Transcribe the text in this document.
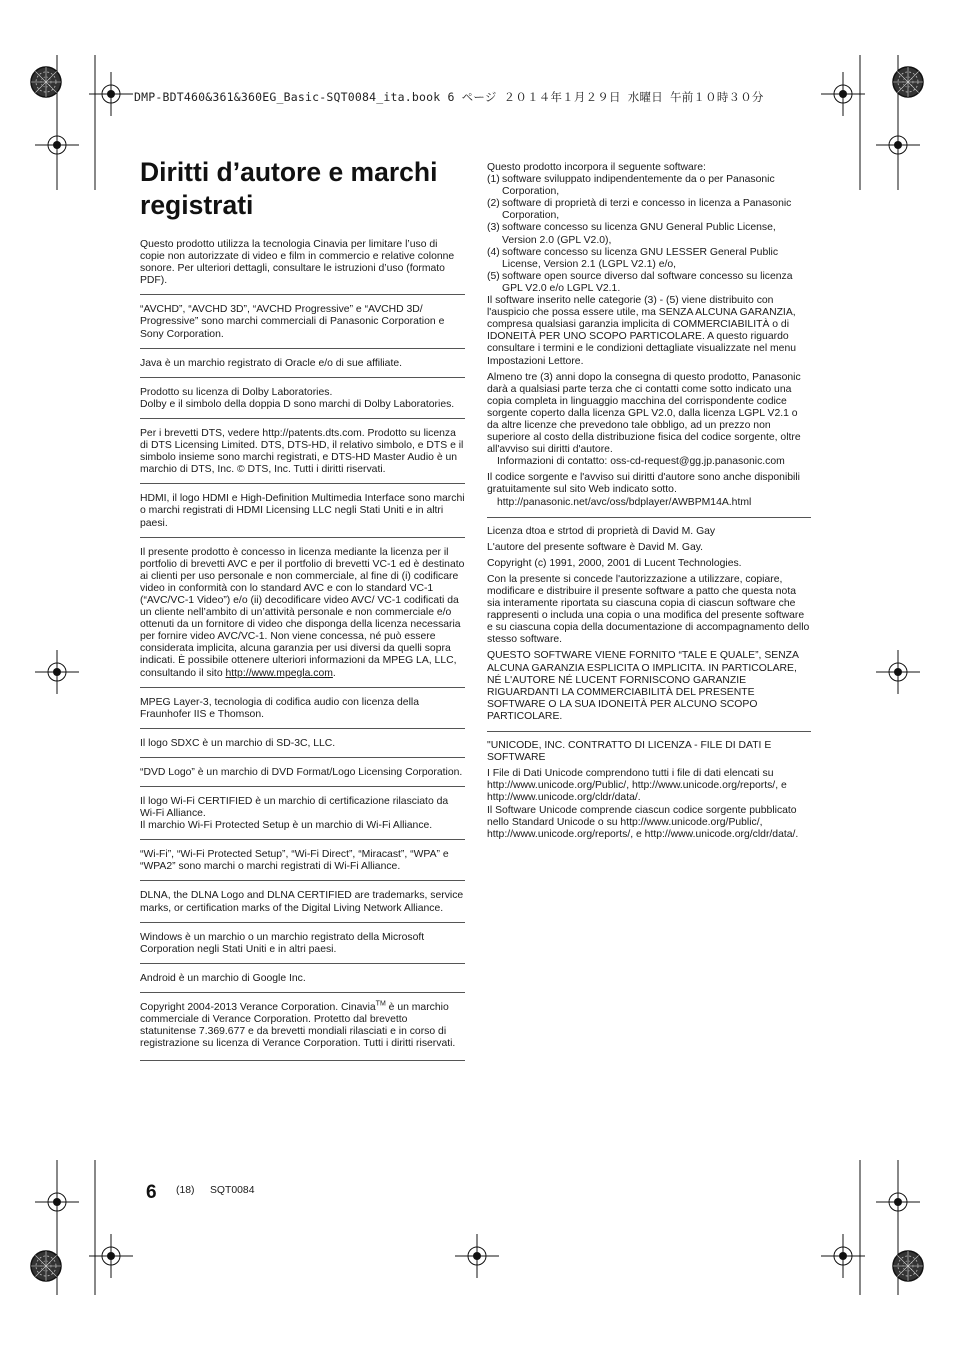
DMP-BDT460&361&360EG_Basic-SQT0084_ita.book 6 ページ ２０１４年１月２９日 水曜日 午前１０時３０分
Diritti d’autore e marchi registrati

Questo prodotto utilizza la tecnologia Cinavia per limitare l’uso di copie non autorizzate di video e film in commercio e relative colonne sonore. Per ulteriori dettagli, consultare le istruzioni d’uso (formato PDF).

“AVCHD”, “AVCHD 3D”, “AVCHD Progressive” e “AVCHD 3D/ Progressive” sono marchi commerciali di Panasonic Corporation e Sony Corporation.

Java è un marchio registrato di Oracle e/o di sue affiliate.

Prodotto su licenza di Dolby Laboratories.

Dolby e il simbolo della doppia D sono marchi di Dolby Laboratories.

Per i brevetti DTS, vedere http://patents.dts.com. Prodotto su licenza di DTS Licensing Limited. DTS, DTS-HD, il relativo simbolo, e DTS e il simbolo insieme sono marchi registrati, e DTS-HD Master Audio è un marchio di DTS, Inc. © DTS, Inc. Tutti i diritti riservati.

HDMI, il logo HDMI e High-Definition Multimedia Interface sono marchi o marchi registrati di HDMI Licensing LLC negli Stati Uniti e in altri paesi.

Il presente prodotto è concesso in licenza mediante la licenza per il portfolio di brevetti AVC e per il portfolio di brevetti VC-1 ed è destinato ai clienti per uso personale e non commerciale, al fine di (i) codificare video in conformità con lo standard AVC e con lo standard VC-1 (“AVC/VC-1 Video”) e/o (ii) decodificare video AVC/ VC-1 codificati da un cliente nell’ambito di un’attività personale e non commerciale e/o ottenuti da un fornitore di video che disponga della licenza necessaria per fornire video AVC/VC-1. Non viene concessa, né può essere considerata implicita, alcuna garanzia per usi diversi da quelli sopra indicati. È possibile ottenere ulteriori informazioni da MPEG LA, LLC, consultando il sito http://www.mpegla.com.

MPEG Layer-3, tecnologia di codifica audio con licenza della Fraunhofer IIS e Thomson.

Il logo SDXC è un marchio di SD-3C, LLC.

“DVD Logo” è un marchio di DVD Format/Logo Licensing Corporation.

Il logo Wi-Fi CERTIFIED è un marchio di certificazione rilasciato da Wi-Fi Alliance.

Il marchio Wi-Fi Protected Setup è un marchio di Wi-Fi Alliance.

“Wi-Fi”, “Wi-Fi Protected Setup”, “Wi-Fi Direct”, “Miracast”, “WPA” e “WPA2” sono marchi o marchi registrati di Wi-Fi Alliance.

DLNA, the DLNA Logo and DLNA CERTIFIED are trademarks, service marks, or certification marks of the Digital Living Network Alliance.

Windows è un marchio o un marchio registrato della Microsoft Corporation negli Stati Uniti e in altri paesi.

Android è un marchio di Google Inc.

Copyright 2004-2013 Verance Corporation. Cinavia™ è un marchio commerciale di Verance Corporation. Protetto dal brevetto statunitense 7.369.677 e da brevetti mondiali rilasciati e in corso di registrazione su licenza di Verance Corporation. Tutti i diritti riservati.

Questo prodotto incorpora il seguente software:

(1) software sviluppato indipendentemente da o per Panasonic Corporation,
(2) software di proprietà di terzi e concesso in licenza a Panasonic Corporation,
(3) software concesso su licenza GNU General Public License, Version 2.0 (GPL V2.0),
(4) software concesso su licenza GNU LESSER General Public License, Version 2.1 (LGPL V2.1) e/o,
(5) software open source diverso dal software concesso su licenza GPL V2.0 e/o LGPL V2.1.

Il software inserito nelle categorie (3) - (5) viene distribuito con l'auspicio che possa essere utile, ma SENZA ALCUNA GARANZIA, compresa qualsiasi garanzia implicita di COMMERCIABILITÀ o di IDONEITÀ PER UNO SCOPO PARTICOLARE. A questo riguardo consultare i termini e le condizioni dettagliate visualizzate nel menu Impostazioni Lettore.

Almeno tre (3) anni dopo la consegna di questo prodotto, Panasonic darà a qualsiasi parte terza che ci contatti come sotto indicato una copia completa in linguaggio macchina del corrispondente codice sorgente coperto dalla licenza GPL V2.0, dalla licenza LGPL V2.1 o da altre licenze che prevedono tale obbligo, ad un prezzo non superiore al costo della distribuzione fisica del codice sorgente, oltre all'avviso sui diritti d'autore.

Informazioni di contatto: oss-cd-request@gg.jp.panasonic.com

Il codice sorgente e l'avviso sui diritti d'autore sono anche disponibili gratuitamente sul sito Web indicato sotto.

http://panasonic.net/avc/oss/bdplayer/AWBPM14A.html

Licenza dtoa e strtod di proprietà di David M. Gay

L'autore del presente software è David M. Gay.

Copyright (c) 1991, 2000, 2001 di Lucent Technologies.

Con la presente si concede l'autorizzazione a utilizzare, copiare, modificare e distribuire il presente software a patto che questa nota sia interamente riportata su ciascuna copia di ciascun software che rappresenti o includa una copia o una modifica del presente software e su ciascuna copia della documentazione di accompagnamento dello stesso software.

QUESTO SOFTWARE VIENE FORNITO “TALE E QUALE”, SENZA ALCUNA GARANZIA ESPLICITA O IMPLICITA. IN PARTICOLARE, NÉ L'AUTORE NÉ LUCENT FORNISCONO GARANZIE RIGUARDANTI LA COMMERCIABILITÀ DEL PRESENTE SOFTWARE O LA SUA IDONEITÀ PER ALCUNO SCOPO PARTICOLARE.

"UNICODE, INC. CONTRATTO DI LICENZA - FILE DI DATI E SOFTWARE

I File di Dati Unicode comprendono tutti i file di dati elencati su http://www.unicode.org/Public/, http://www.unicode.org/reports/, e http://www.unicode.org/cldr/data/.

Il Software Unicode comprende ciascun codice sorgente pubblicato nello Standard Unicode o su http://www.unicode.org/Public/, http://www.unicode.org/reports/, e http://www.unicode.org/cldr/data/.

6 (18) SQT0084
